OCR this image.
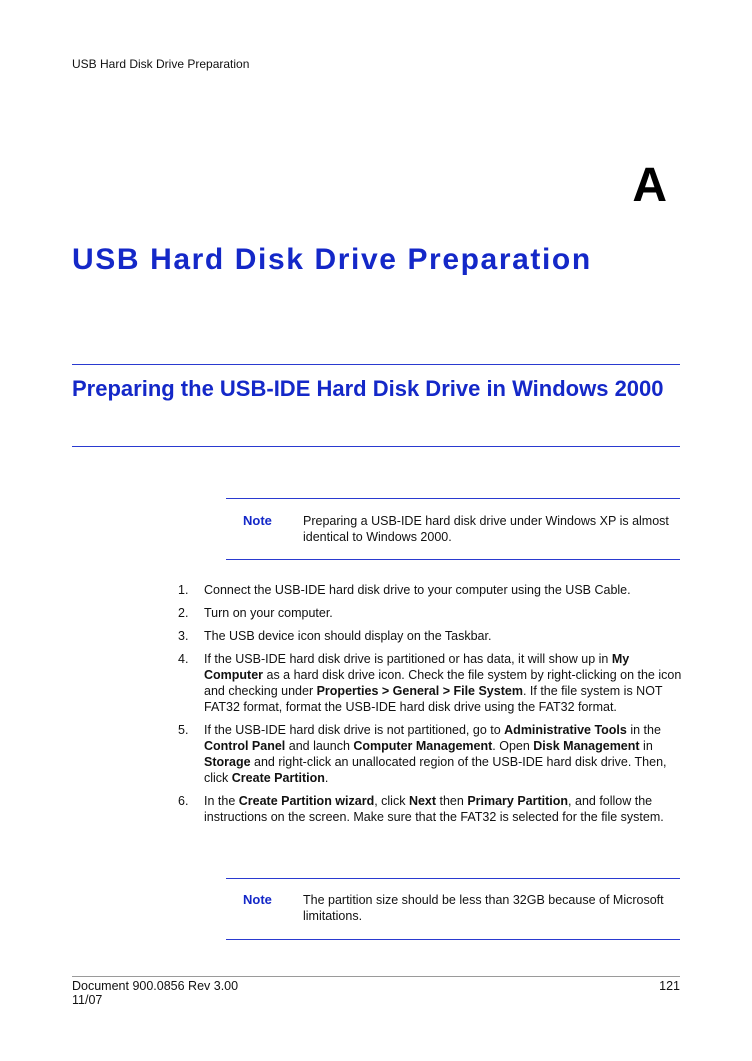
USB Hard Disk Drive Preparation
A
USB Hard Disk Drive Preparation
Preparing the USB-IDE Hard Disk Drive in Windows 2000
Note Preparing a USB-IDE hard disk drive under Windows XP is almost identical to Windows 2000.
1. Connect the USB-IDE hard disk drive to your computer using the USB Cable.
2. Turn on your computer.
3. The USB device icon should display on the Taskbar.
4. If the USB-IDE hard disk drive is partitioned or has data, it will show up in My Computer as a hard disk drive icon. Check the file system by right-clicking on the icon and checking under Properties > General > File System. If the file system is NOT FAT32 format, format the USB-IDE hard disk drive using the FAT32 format.
5. If the USB-IDE hard disk drive is not partitioned, go to Administrative Tools in the Control Panel and launch Computer Management. Open Disk Management in Storage and right-click an unallocated region of the USB-IDE hard disk drive. Then, click Create Partition.
6. In the Create Partition wizard, click Next then Primary Partition, and follow the instructions on the screen. Make sure that the FAT32 is selected for the file system.
Note The partition size should be less than 32GB because of Microsoft limitations.
Document 900.0856 Rev 3.00
11/07
121
